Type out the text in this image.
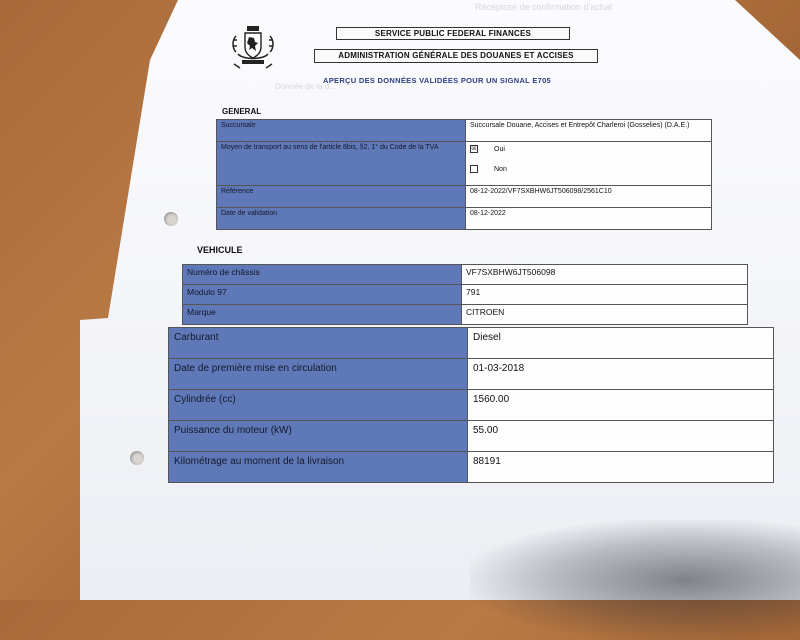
Récépissé de confirmation d'achat
Donnée de la d...
SERVICE PUBLIC FEDERAL FINANCES
ADMINISTRATION GÉNÉRALE DES DOUANES ET ACCISES
APERÇU DES DONNÉES VALIDÉES POUR UN SIGNAL E705
GENERAL
Succursale	Succursale Douane, Accises et Entrepôt Charleroi (Gosselies) (D.A.E.)
Moyen de transport au sens de l'article 8bis, §2, 1° du Code de la TVA	☒ Oui
Non

Référence	08-12-2022/VF7SXBHW6JT506098/2561C10
Date de validation	08-12-2022
VEHICULE
Numéro de châssis	VF7SXBHW6JT506098
Modulo 97	791
Marque	CITROEN
Carburant	Diesel
Date de première mise en circulation	01-03-2018
Cylindrée (cc)	1560.00
Puissance du moteur (kW)	55.00
Kilométrage au moment de la livraison	88191
